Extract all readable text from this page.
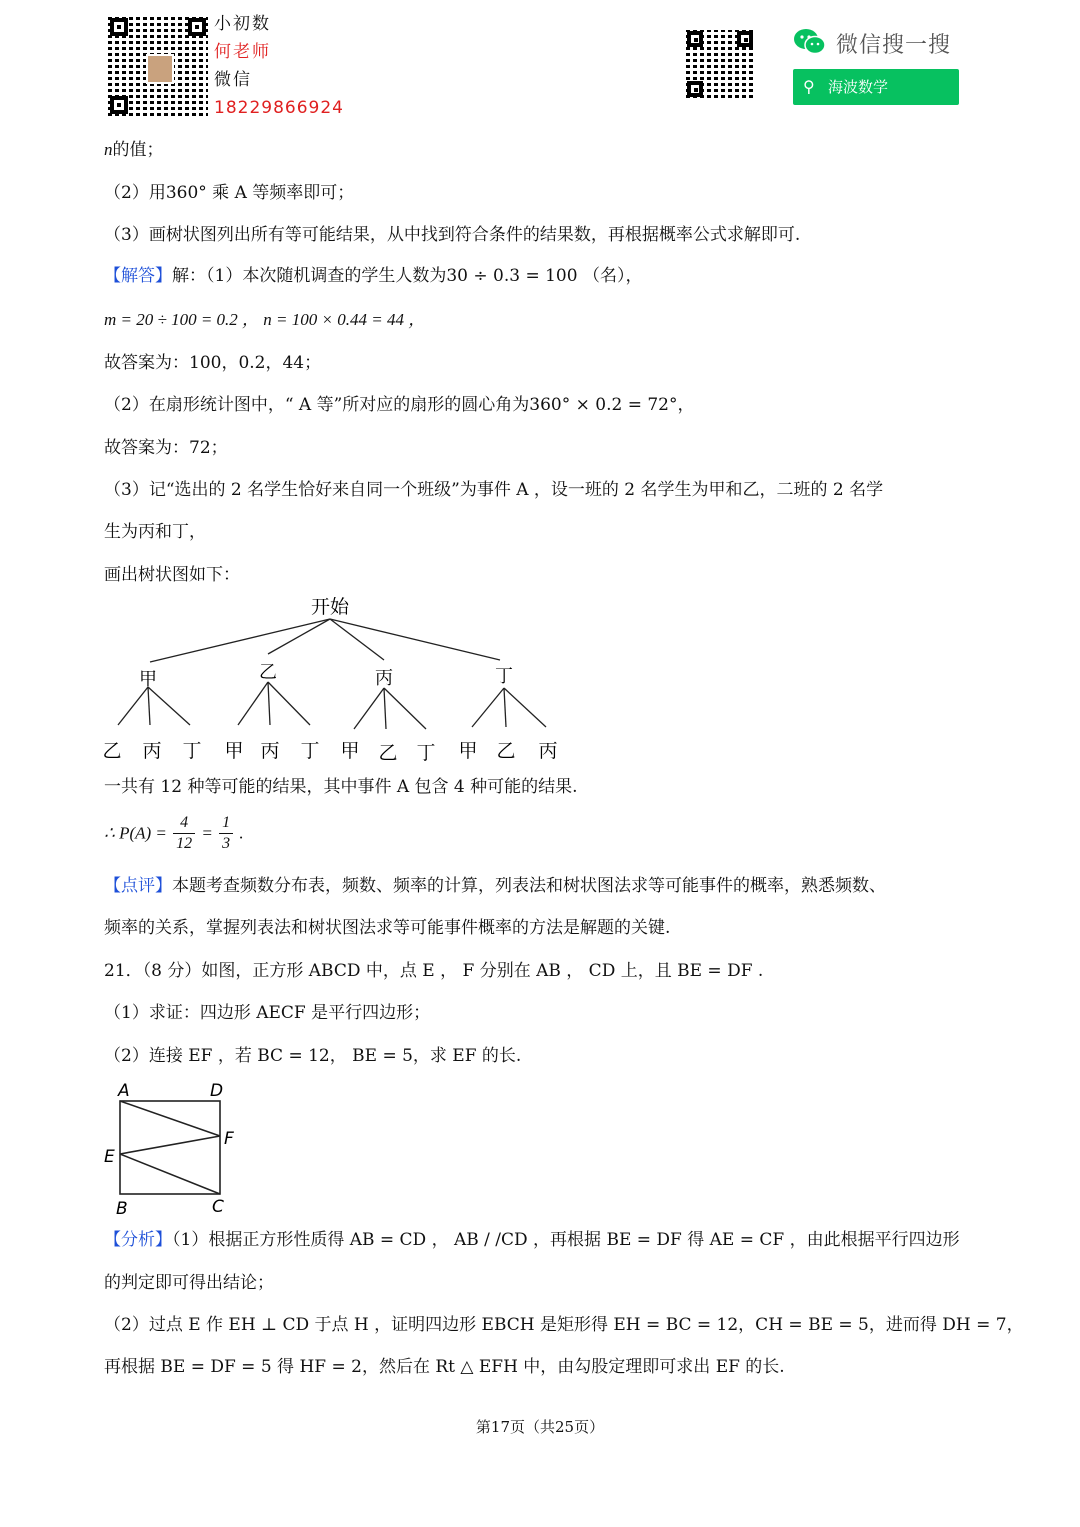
小初数
何老师
微信
18229866924
微信搜一搜
⚲ 海波数学
n的值；
（2）用360° 乘 A 等频率即可；
（3）画树状图列出所有等可能结果，从中找到符合条件的结果数，再根据概率公式求解即可.
【解答】解：（1）本次随机调查的学生人数为30 ÷ 0.3 = 100 （名），
m = 20 ÷ 100 = 0.2 ， n = 100 × 0.44 = 44 ，
故答案为：100，0.2，44；
（2）在扇形统计图中，“ A 等”所对应的扇形的圆心角为360° × 0.2 = 72°，
故答案为：72；
（3）记“选出的 2 名学生恰好来自同一个班级”为事件 A ，设一班的 2 名学生为甲和乙，二班的 2 名学
生为丙和丁，
画出树状图如下：
开始
甲	乙	丙	丁
乙 丙 丁 甲 丙 丁 甲 乙 丁 甲 乙 丙
一共有 12 种等可能的结果，其中事件 A 包含 4 种可能的结果.
∴ $P(A) = \frac{4}{12} = \frac{1}{3}$ .
【点评】本题考查频数分布表，频数、频率的计算，列表法和树状图法求等可能事件的概率，熟悉频数、
频率的关系，掌握列表法和树状图法求等可能事件概率的方法是解题的关键.
21．（8 分）如图，正方形 ABCD 中，点 E ， F 分别在 AB ， CD 上，且 BE = DF .
（1）求证：四边形 AECF 是平行四边形；
（2）连接 EF ，若 BC = 12， BE = 5，求 EF 的长.
A	D
F
E
B	C
【分析】（1）根据正方形性质得 AB = CD ， AB / /CD ，再根据 BE = DF 得 AE = CF ，由此根据平行四边形
的判定即可得出结论；
（2）过点 E 作 EH ⊥ CD 于点 H ，证明四边形 EBCH 是矩形得 EH = BC = 12，CH = BE = 5，进而得 DH = 7，
再根据 BE = DF = 5 得 HF = 2，然后在 Rt △ EFH 中，由勾股定理即可求出 EF 的长.
第17页（共25页）
